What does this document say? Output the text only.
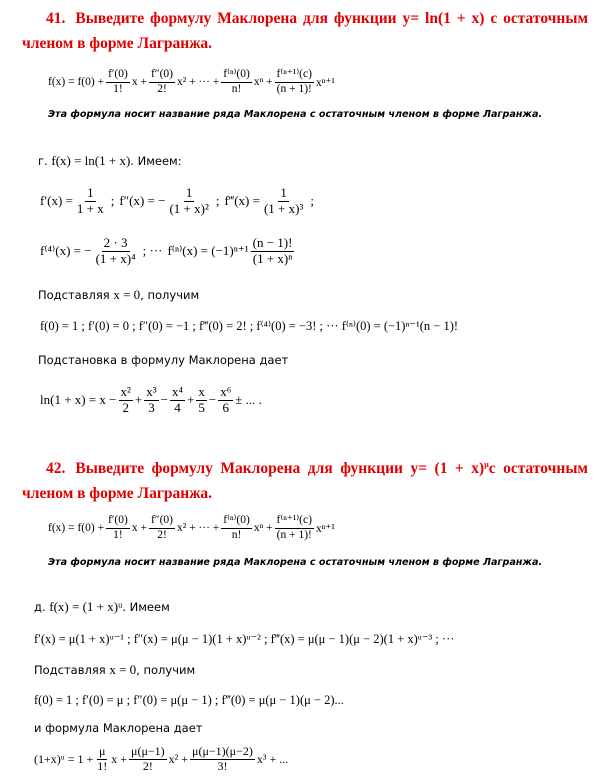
41. Выведите формулу Маклорена для функции y= ln(1 + x) с остаточным членом в форме Лагранжа.
$f(x) = f(0) + \frac{f'(0)}{1!}$ $x + \frac{f''(0)}{2!} x^2$ + ··· + $\frac{\text{f⁽ⁿ⁾(0)}}{n!}$ $x^n + \frac{\text{f⁽ⁿ⁺¹⁾(c)}}{(n + 1)!} x^{n+1}$
Эта формула носит название ряда Маклорена с остаточным членом в форме Лагранжа.
г.
f(x) = ln(1 + x) . Имеем:
$f'(x) = \frac{1}{1 + x}$ ; f″(x) = − $\frac{1}{\text{(1 + x)²}}$ ; f‴(x) = $\frac{1}{\text{(1 + x)³}}$ ;
f⁽⁴⁾(x) = − $\frac{2 \cdot 3}{\text{(1 + x)⁴}}$ ; ··· $f^{(n)}(x) = (-1)^{n+1} \frac{(n - 1)!}{\text{(1 + x)ⁿ}}$
Подставляя
x = 0 , получим
f(0) = 1 ; f′(0) = 0 ; f″(0) = −1 ; f‴(0) = 2! ; f⁽⁴⁾(0) = −3! ; ··· f⁽ⁿ⁾(0) = (−1)ⁿ⁻¹(n − 1)!
Подстановка в формулу Маклорена дает
$\ln(1 + x) = x - \frac{\text{x²}}{2} + \frac{\text{x³}}{3} - \frac{\text{x⁴}}{4} + \frac{x}{5} - \frac{\text{x⁶}}{6}$ ± ... .
42. Выведите формулу Маклорена для функции $y= (1 + x)^\mu с$ остаточным членом в форме Лагранжа.
$f(x) = f(0) + \frac{f'(0)}{1!}$ $x + \frac{f''(0)}{2!} x^2$ + ··· + $\frac{\text{f⁽ⁿ⁾(0)}}{n!}$ $x^n + \frac{\text{f⁽ⁿ⁺¹⁾(c)}}{(n + 1)!} x^{n+1}$
Эта формула носит название ряда Маклорена с остаточным членом в форме Лагранжа.
д.
f(x) = (1 + x)ᵘ . Имеем
f′(x) = μ(1 + x)ᵘ⁻¹ ; f″(x) = μ(μ − 1)(1 + x)ᵘ⁻² ; f‴(x) = μ(μ − 1)(μ − 2)(1 + x)ᵘ⁻³ ; ···
Подставляя
x = 0 , получим
f(0) = 1 ; f′(0) = μ ; f″(0) = μ(μ − 1) ; f‴(0) = μ(μ − 1)(μ − 2)...
и формула Маклорена дает
(1+x)ᵘ = $1 + \frac{\mu}{1!}$ $x + \frac{\mu(\mu-1)}{2!} x^2 + \frac{\mu(\mu-1)(\mu-2)}{3!} x^3$ + ...
